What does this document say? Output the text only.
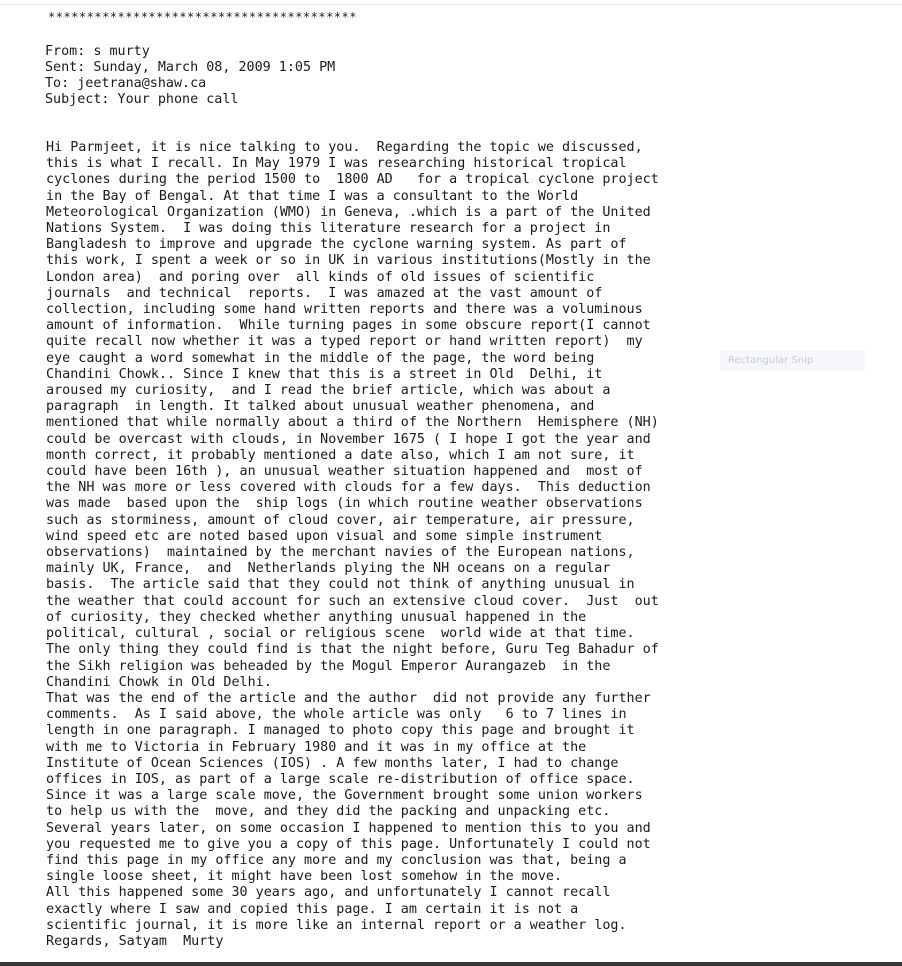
****************************************
From: s murty
Sent: Sunday, March 08, 2009 1:05 PM
To: jeetrana@shaw.ca
Subject: Your phone call

Hi Parmjeet, it is nice talking to you.  Regarding the topic we discussed,

this is what I recall. In May 1979 I was researching historical tropical

cyclones during the period 1500 to  1800 AD   for a tropical cyclone project

in the Bay of Bengal. At that time I was a consultant to the World

Meteorological Organization (WMO) in Geneva, .which is a part of the United

Nations System.  I was doing this literature research for a project in

Bangladesh to improve and upgrade the cyclone warning system. As part of

this work, I spent a week or so in UK in various institutions(Mostly in the

London area)  and poring over  all kinds of old issues of scientific

journals  and technical  reports.  I was amazed at the vast amount of

collection, including some hand written reports and there was a voluminous

amount of information.  While turning pages in some obscure report(I cannot

quite recall now whether it was a typed report or hand written report)  my

eye caught a word somewhat in the middle of the page, the word being

Chandini Chowk.. Since I knew that this is a street in Old  Delhi, it

aroused my curiosity,  and I read the brief article, which was about a

paragraph  in length. It talked about unusual weather phenomena, and

mentioned that while normally about a third of the Northern  Hemisphere (NH)

could be overcast with clouds, in November 1675 ( I hope I got the year and

month correct, it probably mentioned a date also, which I am not sure, it

could have been 16th ), an unusual weather situation happened and  most of

the NH was more or less covered with clouds for a few days.  This deduction

was made  based upon the  ship logs (in which routine weather observations

such as storminess, amount of cloud cover, air temperature, air pressure,

wind speed etc are noted based upon visual and some simple instrument

observations)  maintained by the merchant navies of the European nations,

mainly UK, France,  and  Netherlands plying the NH oceans on a regular

basis.  The article said that they could not think of anything unusual in

the weather that could account for such an extensive cloud cover.  Just  out

of curiosity, they checked whether anything unusual happened in the

political, cultural , social or religious scene  world wide at that time.

The only thing they could find is that the night before, Guru Teg Bahadur of

the Sikh religion was beheaded by the Mogul Emperor Aurangazeb  in the

Chandini Chowk in Old Delhi.

That was the end of the article and the author  did not provide any further

comments.  As I said above, the whole article was only   6 to 7 lines in

length in one paragraph. I managed to photo copy this page and brought it

with me to Victoria in February 1980 and it was in my office at the

Institute of Ocean Sciences (IOS) . A few months later, I had to change

offices in IOS, as part of a large scale re-distribution of office space.

Since it was a large scale move, the Government brought some union workers

to help us with the  move, and they did the packing and unpacking etc.

Several years later, on some occasion I happened to mention this to you and

you requested me to give you a copy of this page. Unfortunately I could not

find this page in my office any more and my conclusion was that, being a

single loose sheet, it might have been lost somehow in the move.

All this happened some 30 years ago, and unfortunately I cannot recall

exactly where I saw and copied this page. I am certain it is not a

scientific journal, it is more like an internal report or a weather log.

Regards, Satyam  Murty

Rectangular Snip
